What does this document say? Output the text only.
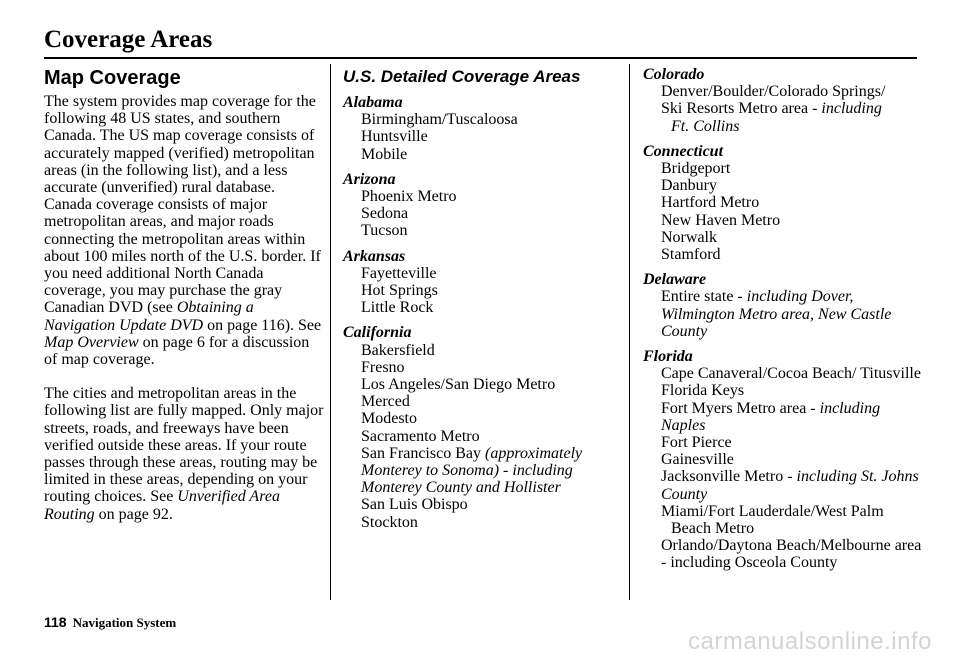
Coverage Areas
Map Coverage

The system provides map coverage for the following 48 US states, and southern Canada. The US map coverage consists of accurately mapped (verified) metropolitan areas (in the following list), and a less accurate (unverified) rural database. Canada coverage consists of major metropolitan areas, and major roads connecting the metropolitan areas within about 100 miles north of the U.S. border. If you need additional North Canada coverage, you may purchase the gray Canadian DVD (see Obtaining a Navigation Update DVD on page 116). See Map Overview on page 6 for a discussion of map coverage.

The cities and metropolitan areas in the following list are fully mapped. Only major streets, roads, and freeways have been verified outside these areas. If your route passes through these areas, routing may be limited in these areas, depending on your routing choices. See Unverified Area Routing on page 92.

U.S. Detailed Coverage Areas
Alabama
Birmingham/Tuscaloosa
Huntsville
Mobile
Arizona
Phoenix Metro
Sedona
Tucson
Arkansas
Fayetteville
Hot Springs
Little Rock
California
Bakersfield
Fresno
Los Angeles/San Diego Metro
Merced
Modesto
Sacramento Metro
San Francisco Bay (approximately Monterey to Sonoma) - including Monterey County and Hollister
San Luis Obispo
Stockton
Colorado
Denver/Boulder/Colorado Springs/
Ski Resorts Metro area - including
Ft. Collins
Connecticut
Bridgeport
Danbury
Hartford Metro
New Haven Metro
Norwalk
Stamford
Delaware
Entire state - including Dover, Wilmington Metro area, New Castle County
Florida
Cape Canaveral/Cocoa Beach/ Titusville
Florida Keys
Fort Myers Metro area - including Naples
Fort Pierce
Gainesville
Jacksonville Metro - including St. Johns County
Miami/Fort Lauderdale/West Palm
Beach Metro
Orlando/Daytona Beach/Melbourne area - including Osceola County
118 Navigation System
carmanualsonline.info
